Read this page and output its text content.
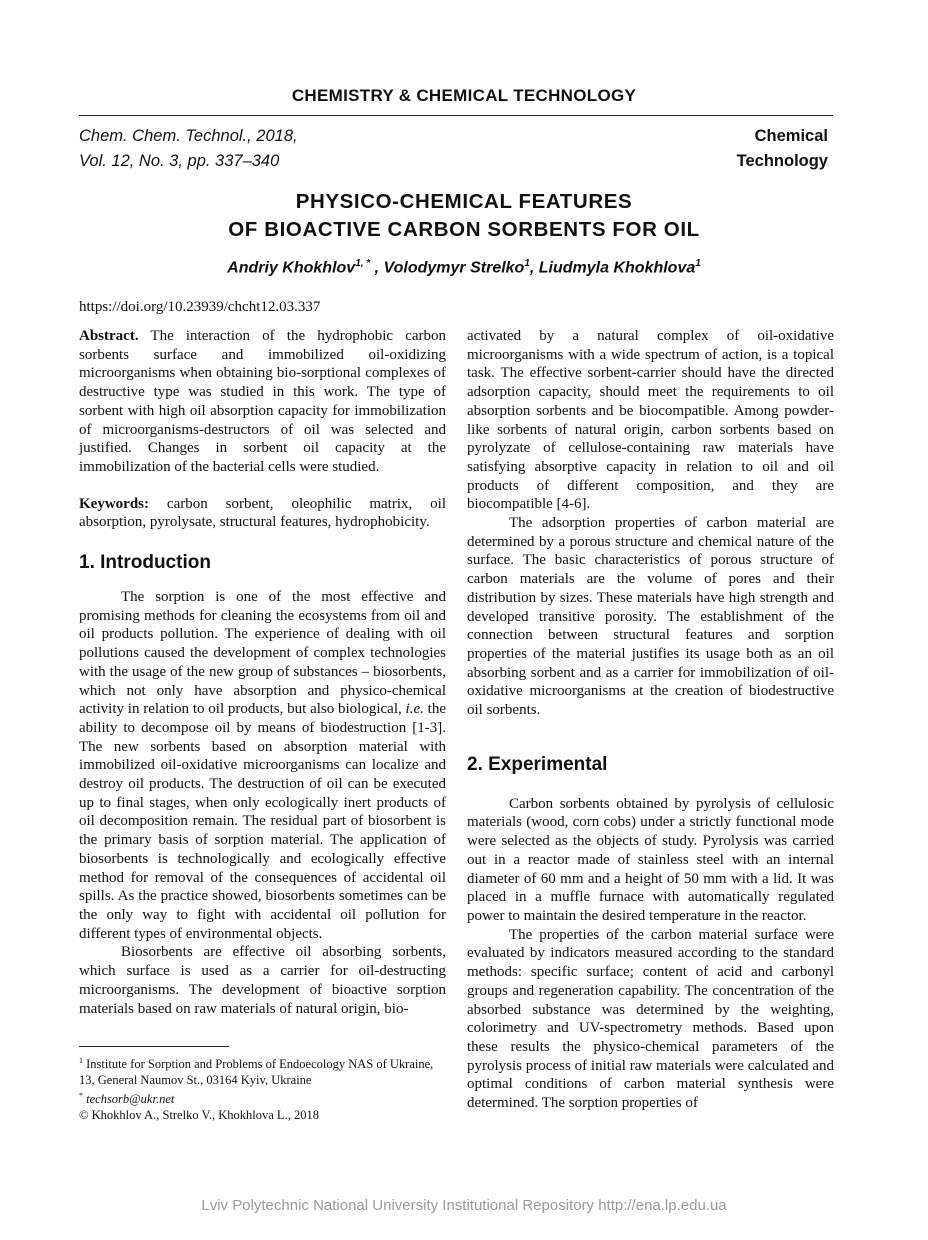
CHEMISTRY & CHEMICAL TECHNOLOGY
Chem. Chem. Technol., 2018,
Vol. 12, No. 3, pp. 337–340
Chemical
Technology
PHYSICO-CHEMICAL FEATURES
OF BIOACTIVE CARBON SORBENTS FOR OIL
Andriy Khokhlov$^{1, *}$ , Volodymyr Strelko$^1$, Liudmyla Khokhlova$^1$
https://doi.org/10.23939/chcht12.03.337

Abstract. The interaction of the hydrophobic carbon sorbents surface and immobilized oil-oxidizing microorganisms when obtaining bio-sorptional complexes of destructive type was studied in this work. The type of sorbent with high oil absorption capacity for immobilization of microorganisms-destructors of oil was selected and justified. Changes in sorbent oil capacity at the immobilization of the bacterial cells were studied.

Keywords: carbon sorbent, oleophilic matrix, oil absorption, pyrolysate, structural features, hydrophobicity.

1. Introduction

The sorption is one of the most effective and promising methods for cleaning the ecosystems from oil and oil products pollution. The experience of dealing with oil pollutions caused the development of complex technologies with the usage of the new group of substances – biosorbents, which not only have absorption and physico-chemical activity in relation to oil products, but also biological, i.e. the ability to decompose oil by means of biodestruction [1-3]. The new sorbents based on absorption material with immobilized oil-oxidative microorganisms can localize and destroy oil products. The destruction of oil can be executed up to final stages, when only ecologically inert products of oil decomposition remain. The residual part of biosorbent is the primary basis of sorption material. The application of biosorbents is technologically and ecologically effective method for removal of the consequences of accidental oil spills. As the practice showed, biosorbents sometimes can be the only way to fight with accidental oil pollution for different types of environmental objects.

Biosorbents are effective oil absorbing sorbents, which surface is used as a carrier for oil-destructing microorganisms. The development of bioactive sorption materials based on raw materials of natural origin, bio-

activated by a natural complex of oil-oxidative microorganisms with a wide spectrum of action, is a topical task. The effective sorbent-carrier should have the directed adsorption capacity, should meet the requirements to oil absorption sorbents and be biocompatible. Among powder-like sorbents of natural origin, carbon sorbents based on pyrolyzate of cellulose-containing raw materials have satisfying absorptive capacity in relation to oil and oil products of different composition, and they are biocompatible [4-6].

The adsorption properties of carbon material are determined by a porous structure and chemical nature of the surface. The basic characteristics of porous structure of carbon materials are the volume of pores and their distribution by sizes. These materials have high strength and developed transitive porosity. The establishment of the connection between structural features and sorption properties of the material justifies its usage both as an oil absorbing sorbent and as a carrier for immobilization of oil-oxidative microorganisms at the creation of biodestructive oil sorbents.

2. Experimental

Carbon sorbents obtained by pyrolysis of cellulosic materials (wood, corn cobs) under a strictly functional mode were selected as the objects of study. Pyrolysis was carried out in a reactor made of stainless steel with an internal diameter of 60 mm and a height of 50 mm with a lid. It was placed in a muffle furnace with automatically regulated power to maintain the desired temperature in the reactor.

The properties of the carbon material surface were evaluated by indicators measured according to the standard methods: specific surface; content of acid and carbonyl groups and regeneration capability. The concentration of the absorbed substance was determined by the weighting, colorimetry and UV-spectrometry methods. Based upon these results the physico-chemical parameters of the pyrolysis process of initial raw materials were calculated and optimal conditions of carbon material synthesis were determined. The sorption properties of

$^1$ Institute for Sorption and Problems of Endoecology NAS of Ukraine,
13, General Naumov St., 03164 Kyiv, Ukraine
* techsorb@ukr.net
© Khokhlov A., Strelko V., Khokhlova L., 2018
Lviv Polytechnic National University Institutional Repository http://ena.lp.edu.ua
